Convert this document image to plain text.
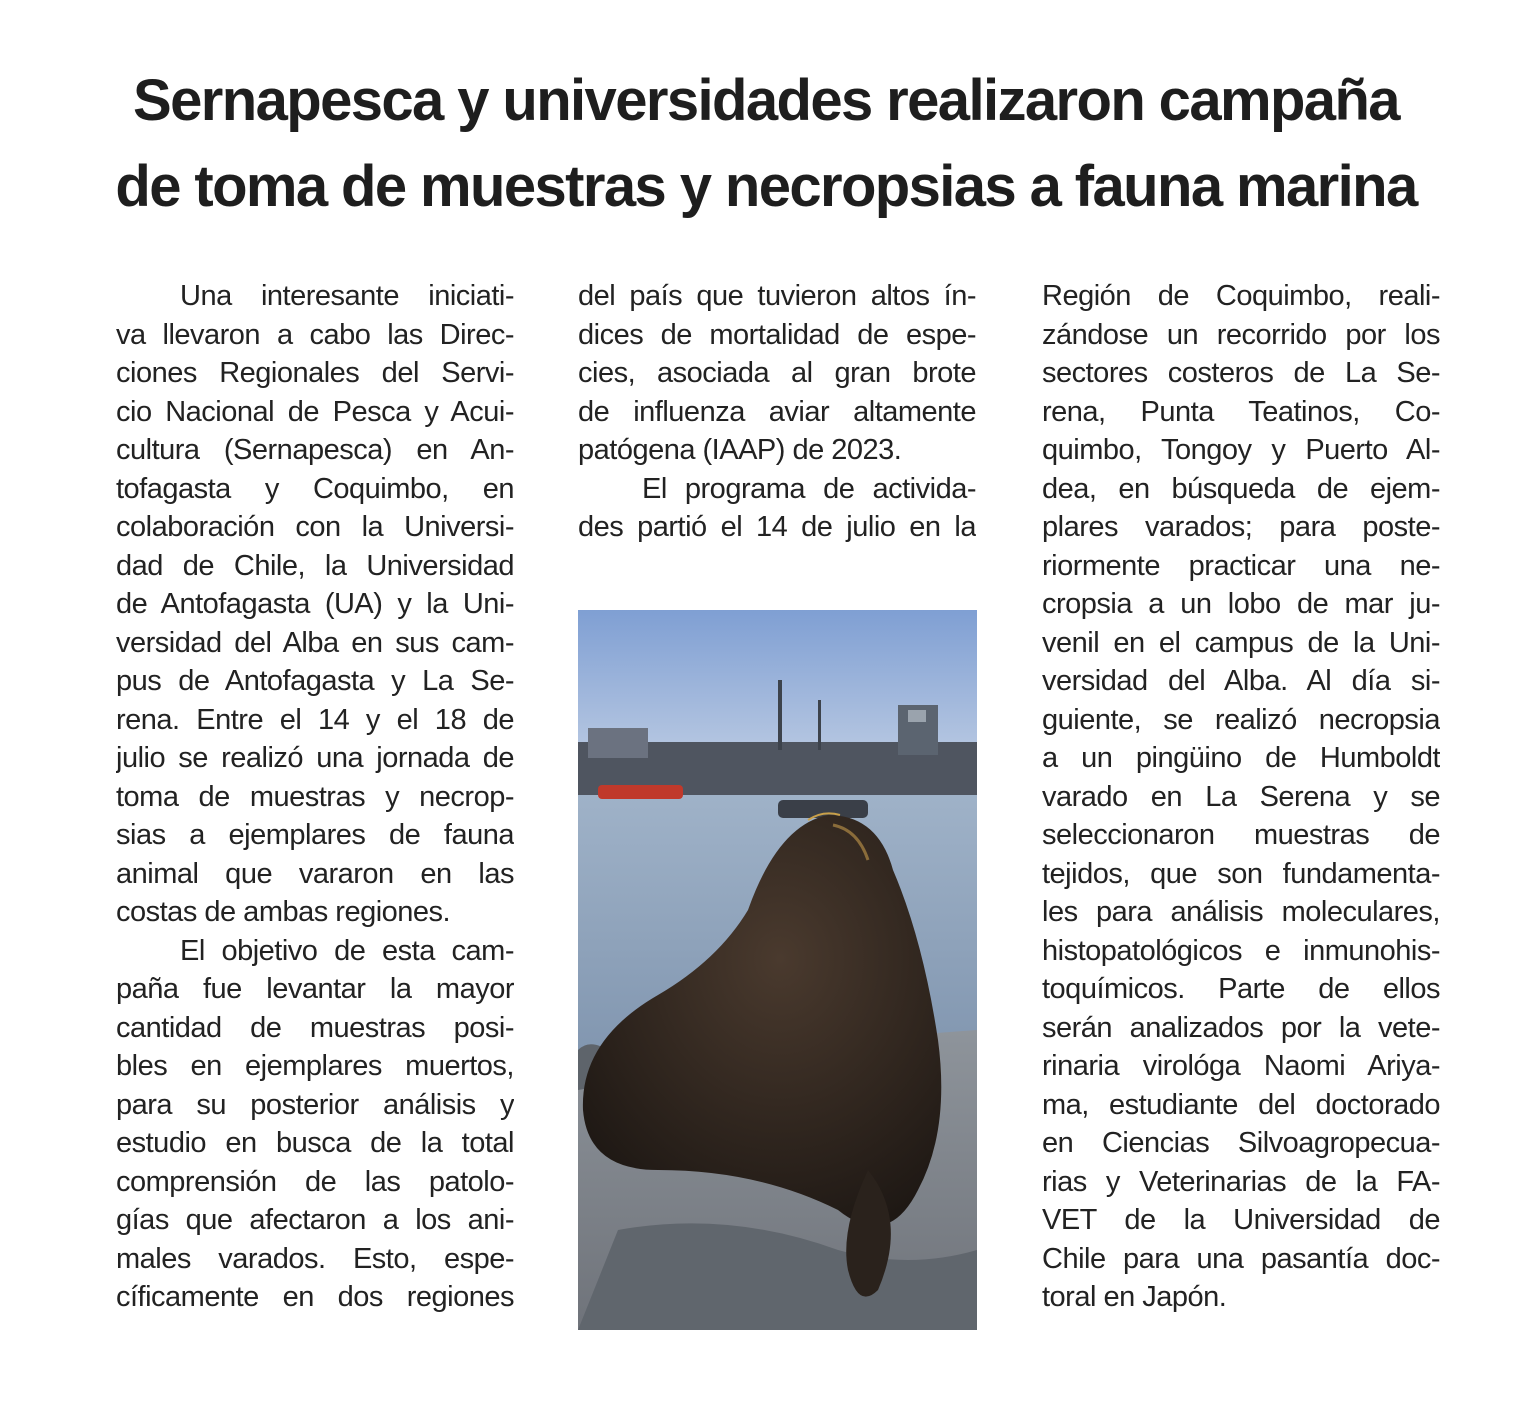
Sernapesca y universidades realizaron campaña
de toma de muestras y necropsias a fauna marina
Una interesante iniciati-
va llevaron a cabo las Direc-
ciones Regionales del Servi-
cio Nacional de Pesca y Acui-
cultura (Sernapesca) en An-
tofagasta y Coquimbo, en
colaboración con la Universi-
dad de Chile, la Universidad
de Antofagasta (UA) y la Uni-
versidad del Alba en sus cam-
pus de Antofagasta y La Se-
rena. Entre el 14 y el 18 de
julio se realizó una jornada de
toma de muestras y necrop-
sias a ejemplares de fauna
animal que vararon en las
costas de ambas regiones.
El objetivo de esta cam-
paña fue levantar la mayor
cantidad de muestras posi-
bles en ejemplares muertos,
para su posterior análisis y
estudio en busca de la total
comprensión de las patolo-
gías que afectaron a los ani-
males varados. Esto, espe-
cíficamente en dos regiones
del país que tuvieron altos ín-
dices de mortalidad de espe-
cies, asociada al gran brote
de influenza aviar altamente
patógena (IAAP) de 2023.
El programa de activida-
des partió el 14 de julio en la
Región de Coquimbo, reali-
zándose un recorrido por los
sectores costeros de La Se-
rena, Punta Teatinos, Co-
quimbo, Tongoy y Puerto Al-
dea, en búsqueda de ejem-
plares varados; para poste-
riormente practicar una ne-
cropsia a un lobo de mar ju-
venil en el campus de la Uni-
versidad del Alba. Al día si-
guiente, se realizó necropsia
a un pingüino de Humboldt
varado en La Serena y se
seleccionaron muestras de
tejidos, que son fundamenta-
les para análisis moleculares,
histopatológicos e inmunohis-
toquímicos. Parte de ellos
serán analizados por la vete-
rinaria virológa Naomi Ariya-
ma, estudiante del doctorado
en Ciencias Silvoagropecua-
rias y Veterinarias de la FA-
VET de la Universidad de
Chile para una pasantía doc-
toral en Japón.
